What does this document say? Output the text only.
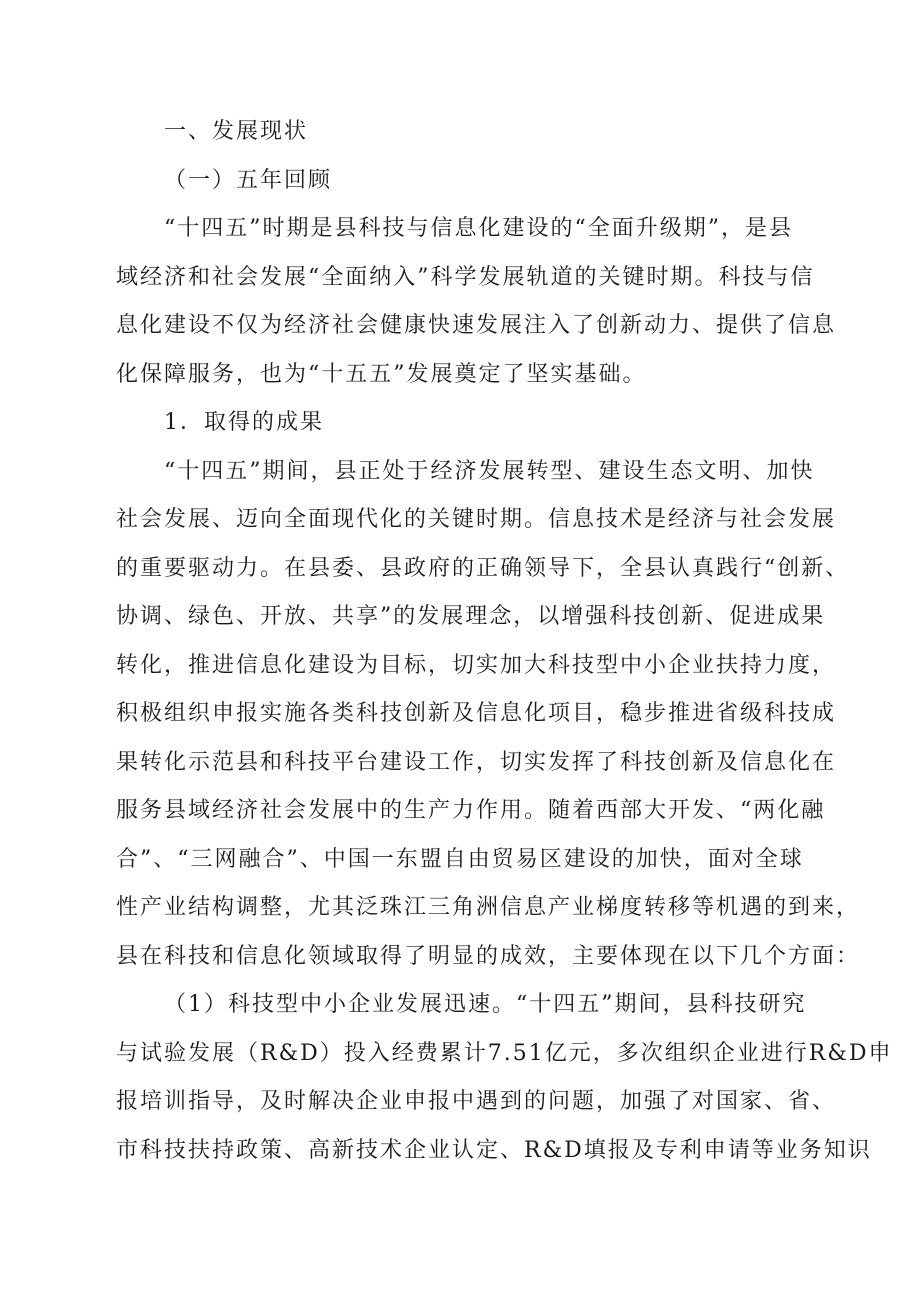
一、发展现状
（一）五年回顾
“十四五”时期是县科技与信息化建设的“全面升级期”，是县
域经济和社会发展“全面纳入”科学发展轨道的关键时期。科技与信
息化建设不仅为经济社会健康快速发展注入了创新动力、提供了信息
化保障服务，也为“十五五”发展奠定了坚实基础。
1．取得的成果
“十四五”期间，县正处于经济发展转型、建设生态文明、加快
社会发展、迈向全面现代化的关键时期。信息技术是经济与社会发展
的重要驱动力。在县委、县政府的正确领导下，全县认真践行“创新、
协调、绿色、开放、共享”的发展理念，以增强科技创新、促进成果
转化，推进信息化建设为目标，切实加大科技型中小企业扶持力度，
积极组织申报实施各类科技创新及信息化项目，稳步推进省级科技成
果转化示范县和科技平台建设工作，切实发挥了科技创新及信息化在
服务县域经济社会发展中的生产力作用。随着西部大开发、“两化融
合”、“三网融合”、中国一东盟自由贸易区建设的加快，面对全球
性产业结构调整，尤其泛珠江三角洲信息产业梯度转移等机遇的到来，
县在科技和信息化领域取得了明显的成效，主要体现在以下几个方面：
（1）科技型中小企业发展迅速。“十四五”期间，县科技研究
与试验发展（R&D）投入经费累计7.51亿元，多次组织企业进行R&D申
报培训指导，及时解决企业申报中遇到的问题，加强了对国家、省、
市科技扶持政策、高新技术企业认定、R&D填报及专利申请等业务知识
